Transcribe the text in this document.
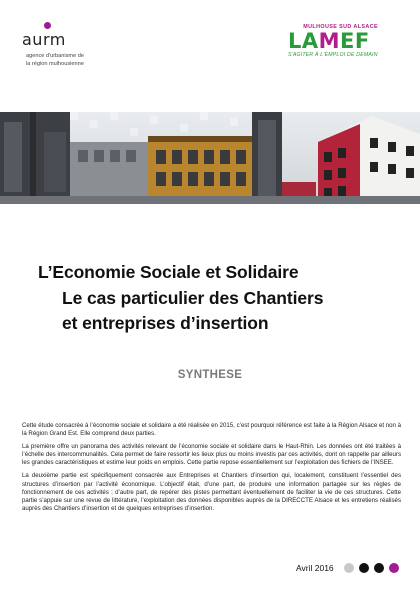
aurm
agence d'urbanisme de
la région mulhousienne
MULHOUSE SUD ALSACE
LAMEF
S'AGITER À L'EMPLOI DE DEMAIN
L’Economie Sociale et Solidaire
Le cas particulier des Chantiers
et entreprises d’insertion
SYNTHESE

Cette étude consacrée à l’économie sociale et solidaire a été réalisée en 2015, c’est pourquoi référence est faite à la Région Alsace et non à la Région Grand Est. Elle comprend deux parties.

La première offre un panorama des activités relevant de l’économie sociale et solidaire dans le Haut-Rhin. Les données ont été traitées à l’échelle des intercommunalités. Cela permet de faire ressortir les lieux plus ou moins investis par ces activités, dont on rappelle par ailleurs les grandes caractéristiques et estime leur poids en emplois. Cette partie repose essentiellement sur l’exploitation des fichiers de l’INSEE.

La deuxième partie est spécifiquement consacrée aux Entreprises et Chantiers d’insertion qui, localement, constituent l’essentiel des structures d’insertion par l’activité économique. L’objectif était, d’une part, de produire une information partagée sur les règles de fonctionnement de ces activités ; d’autre part, de repérer des pistes permettant éventuellement de faciliter la vie de ces structures. Cette partie s’appuie sur une revue de littérature, l’exploitation des données disponibles auprès de la DIRECCTE Alsace et les entretiens réalisés auprès des Chantiers d’insertion et de quelques entreprises d’insertion.

Avril 2016
